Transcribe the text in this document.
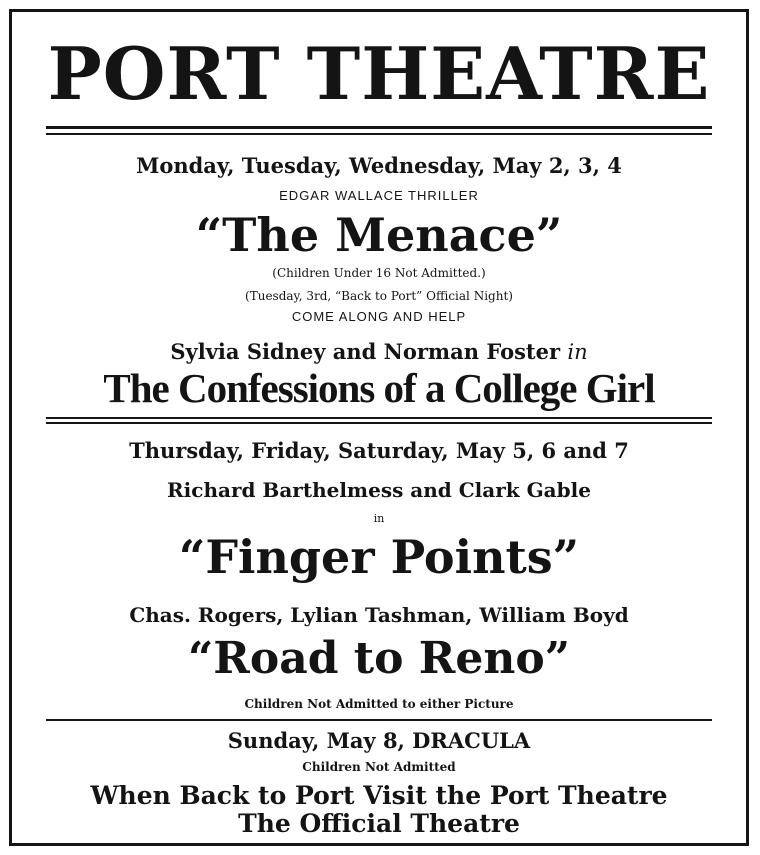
PORT THEATRE
Monday, Tuesday, Wednesday, May 2, 3, 4
EDGAR WALLACE THRILLER
“The Menace”
(Children Under 16 Not Admitted.)
(Tuesday, 3rd, “Back to Port” Official Night)
COME ALONG AND HELP
Sylvia Sidney and Norman Foster in
The Confessions of a College Girl
Thursday, Friday, Saturday, May 5, 6 and 7
Richard Barthelmess and Clark Gable
in
“Finger Points”
Chas. Rogers, Lylian Tashman, William Boyd
“Road to Reno”
Children Not Admitted to either Picture
Sunday, May 8, DRACULA
Children Not Admitted
When Back to Port Visit the Port Theatre
The Official Theatre
